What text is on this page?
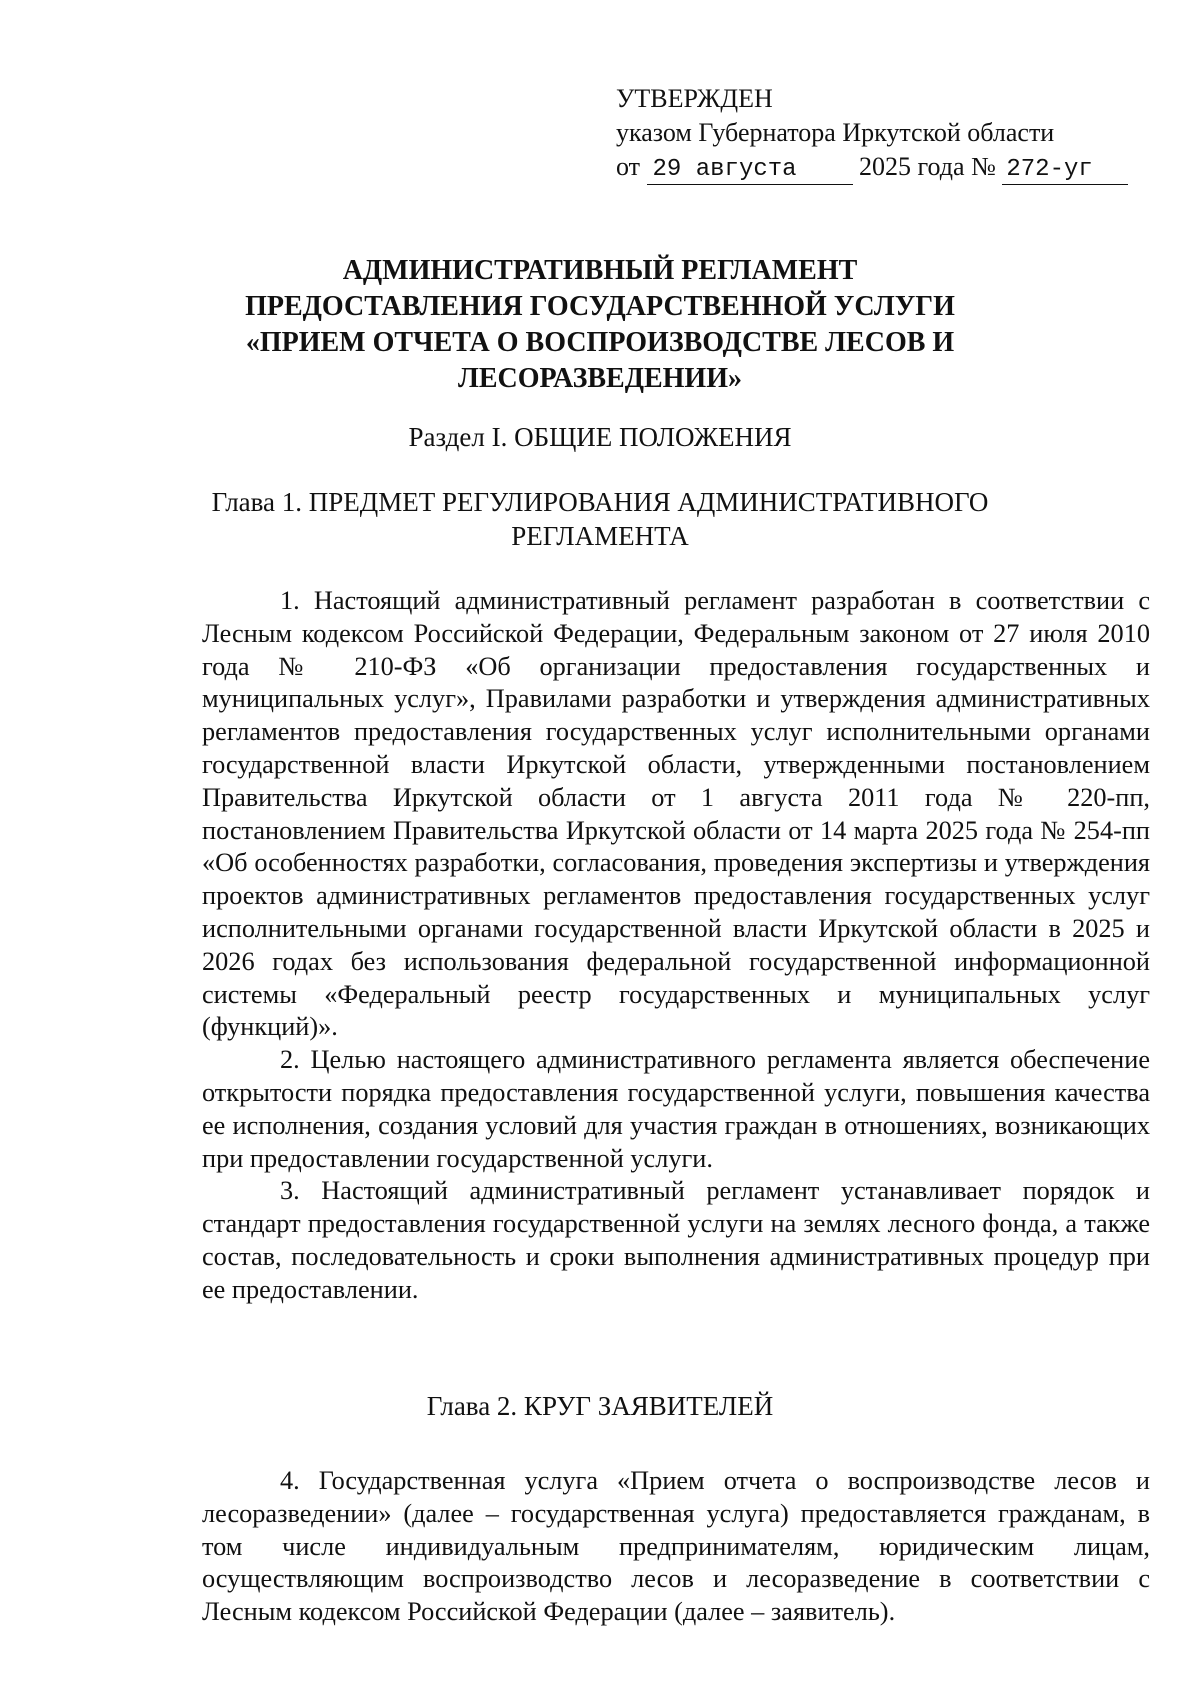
УТВЕРЖДЕН
указом Губернатора Иркутской области
от 29 августа 2025 года № 272-уг
АДМИНИСТРАТИВНЫЙ РЕГЛАМЕНТ
ПРЕДОСТАВЛЕНИЯ ГОСУДАРСТВЕННОЙ УСЛУГИ
«ПРИЕМ ОТЧЕТА О ВОСПРОИЗВОДСТВЕ ЛЕСОВ И
ЛЕСОРАЗВЕДЕНИИ»
Раздел I. ОБЩИЕ ПОЛОЖЕНИЯ
Глава 1. ПРЕДМЕТ РЕГУЛИРОВАНИЯ АДМИНИСТРАТИВНОГО
РЕГЛАМЕНТА

1. Настоящий административный регламент разработан в соответствии с Лесным кодексом Российской Федерации, Федеральным законом от 27 июля 2010 года № 210-ФЗ «Об организации предоставления государственных и муниципальных услуг», Правилами разработки и утверждения административных регламентов предоставления государственных услуг исполнительными органами государственной власти Иркутской области, утвержденными постановлением Правительства Иркутской области от 1 августа 2011 года № 220-пп, постановлением Правительства Иркутской области от 14 марта 2025 года № 254-пп «Об особенностях разработки, согласования, проведения экспертизы и утверждения проектов административных регламентов предоставления государственных услуг исполнительными органами государственной власти Иркутской области в 2025 и 2026 годах без использования федеральной государственной информационной системы «Федеральный реестр государственных и муниципальных услуг (функций)».

2. Целью настоящего административного регламента является обеспечение открытости порядка предоставления государственной услуги, повышения качества ее исполнения, создания условий для участия граждан в отношениях, возникающих при предоставлении государственной услуги.

3. Настоящий административный регламент устанавливает порядок и стандарт предоставления государственной услуги на землях лесного фонда, а также состав, последовательность и сроки выполнения административных процедур при ее предоставлении.

Глава 2. КРУГ ЗАЯВИТЕЛЕЙ

4. Государственная услуга «Прием отчета о воспроизводстве лесов и лесоразведении» (далее – государственная услуга) предоставляется гражданам, в том числе индивидуальным предпринимателям, юридическим лицам, осуществляющим воспроизводство лесов и лесоразведение в соответствии с Лесным кодексом Российской Федерации (далее – заявитель).
